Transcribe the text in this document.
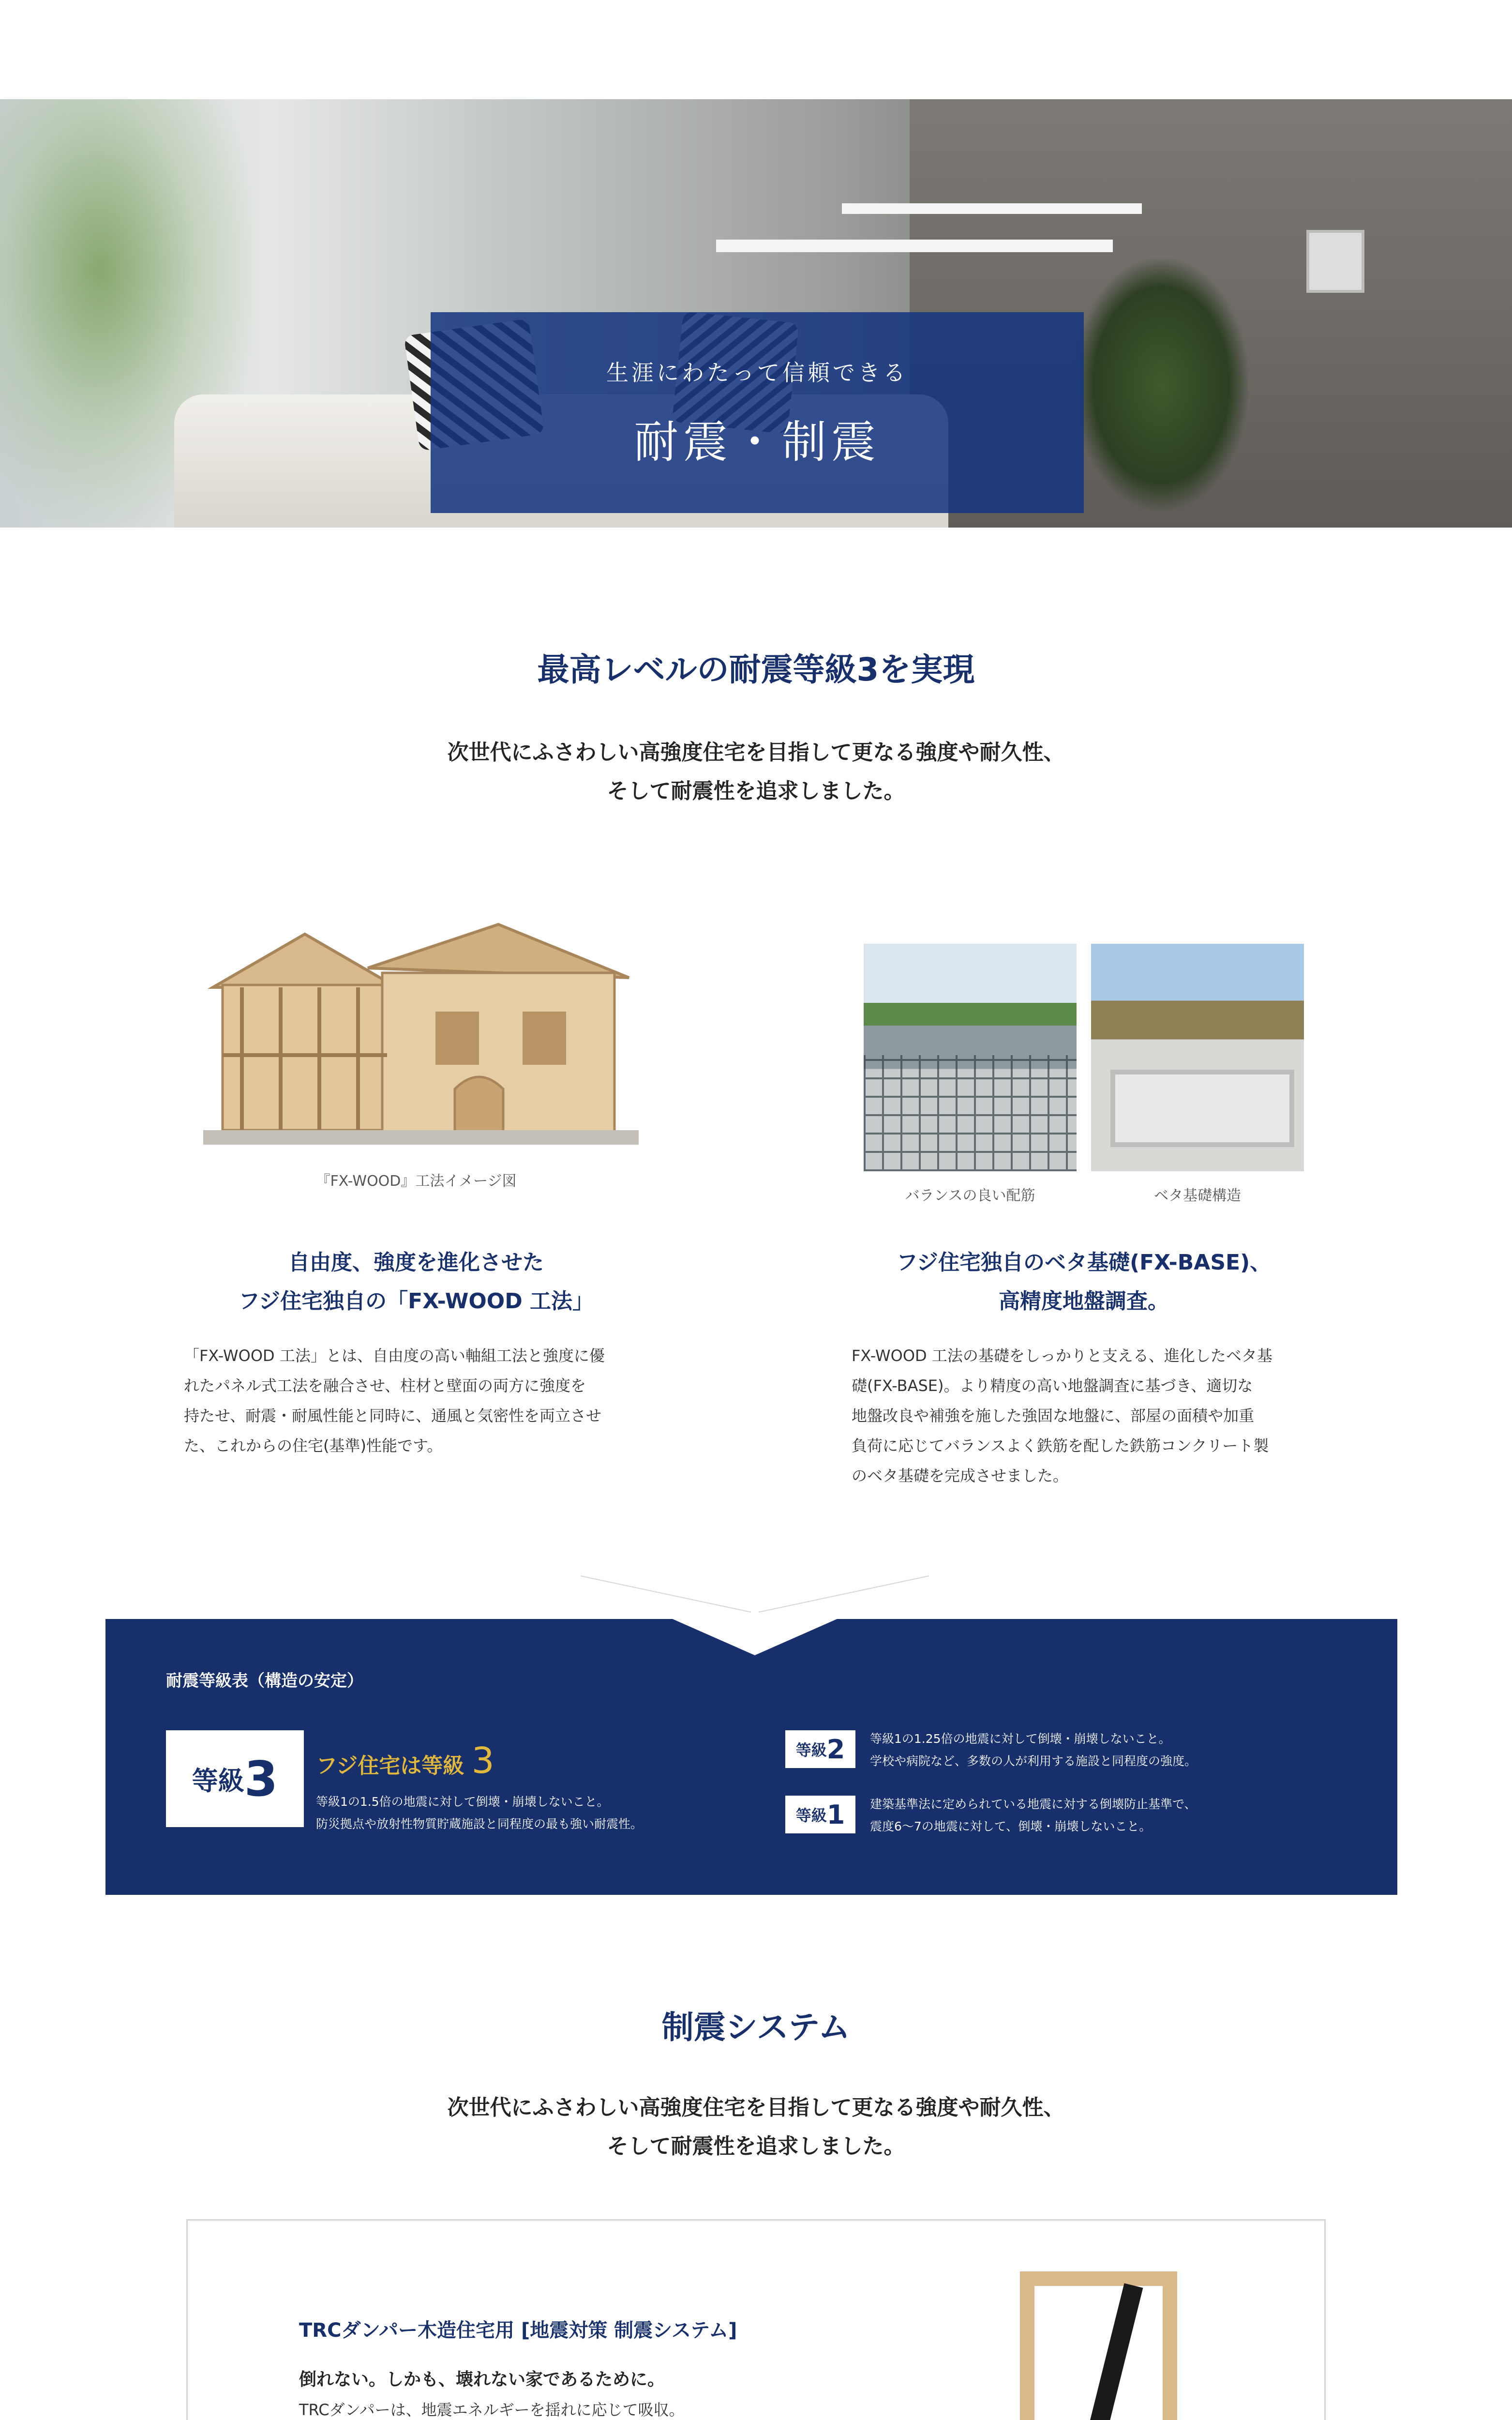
生涯にわたって信頼できる
耐震・制震
最高レベルの耐震等級3を実現
次世代にふさわしい高強度住宅を目指して更なる強度や耐久性、
そして耐震性を追求しました。
『FX-WOOD』工法イメージ図
バランスの良い配筋	ベタ基礎構造
自由度、強度を進化させた
フジ住宅独自の「FX-WOOD 工法」
「FX-WOOD 工法」とは、自由度の高い軸組工法と強度に優
れたパネル式工法を融合させ、柱材と壁面の両方に強度を
持たせ、耐震・耐風性能と同時に、通風と気密性を両立させ
た、これからの住宅(基準)性能です。
フジ住宅独自のベタ基礎(FX-BASE)、
高精度地盤調査。
FX-WOOD 工法の基礎をしっかりと支える、進化したベタ基
礎(FX-BASE)。より精度の高い地盤調査に基づき、適切な
地盤改良や補強を施した強固な地盤に、部屋の面積や加重
負荷に応じてバランスよく鉄筋を配した鉄筋コンクリート製
のベタ基礎を完成させました。
耐震等級表（構造の安定）
等級 3 フジ住宅は等級 3
等級1の1.5倍の地震に対して倒壊・崩壊しないこと。
防災拠点や放射性物質貯蔵施設と同程度の最も強い耐震性。
等級 2 等級1の1.25倍の地震に対して倒壊・崩壊しないこと。
学校や病院など、多数の人が利用する施設と同程度の強度。
等級 1 建築基準法に定められている地震に対する倒壊防止基準で、
震度6〜7の地震に対して、倒壊・崩壊しないこと。
制震システム
次世代にふさわしい高強度住宅を目指して更なる強度や耐久性、
そして耐震性を追求しました。
TRCダンパー木造住宅用 [地震対策 制震システム]
倒れない。しかも、壊れない家であるために。
TRCダンパーは、地震エネルギーを揺れに応じて吸収。
